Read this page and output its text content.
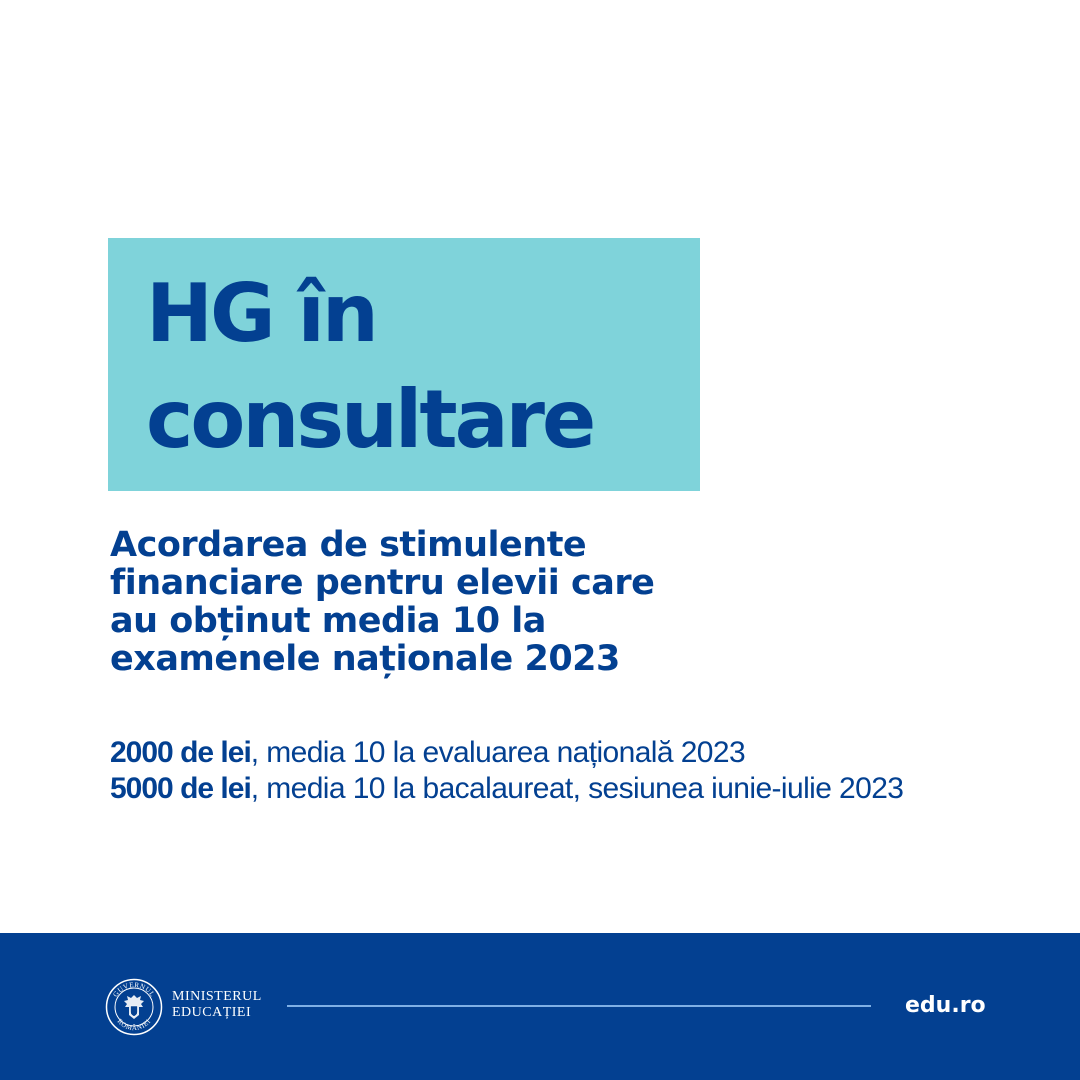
HG în
consultare
Acordarea de stimulente
financiare pentru elevii care
au obținut media 10 la
examenele naționale 2023
2000 de lei, media 10 la evaluarea națională 2023
5000 de lei, media 10 la bacalaureat, sesiunea iunie-iulie 2023
GUVERNUL
ROMÂNIEI
MINISTERUL
EDUCAȚIEI	edu.ro
